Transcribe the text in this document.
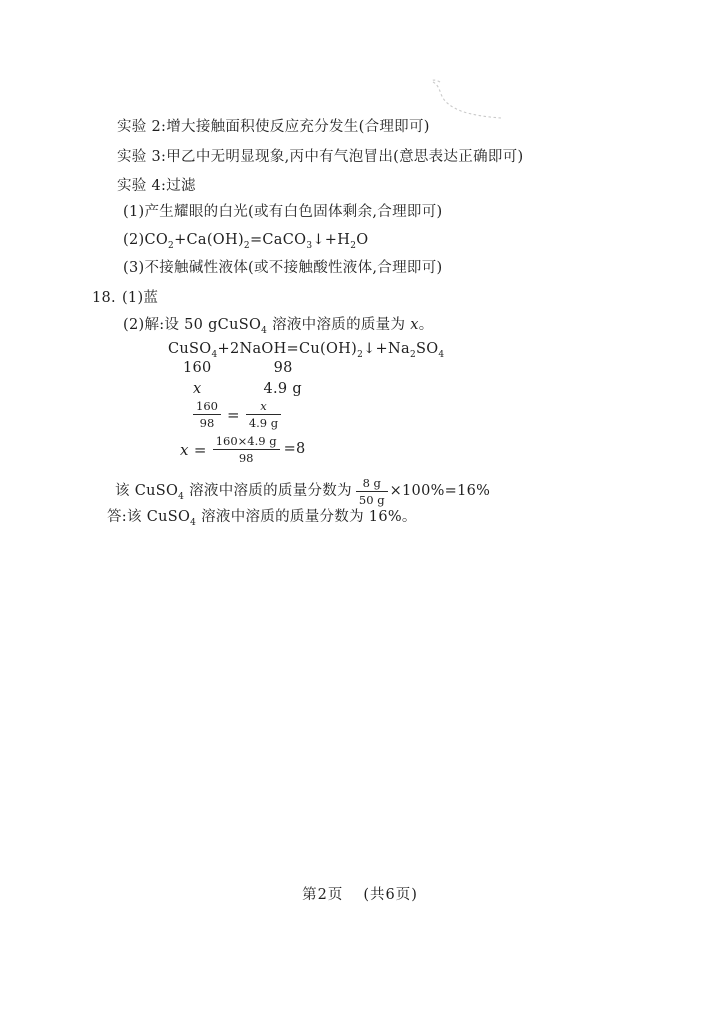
实验 2:增大接触面积使反应充分发生(合理即可)
实验 3:甲乙中无明显现象,丙中有气泡冒出(意思表达正确即可)
实验 4:过滤
(1)产生耀眼的白光(或有白色固体剩余,合理即可)
$(2)CO_2+Ca(OH)_2=CaCO_3↓+H_2O$
(3)不接触碱性液体(或不接触酸性液体,合理即可)
18. (1)蓝
(2)解:设 50 gCuSO$_4$ 溶液中溶质的质量为 x。
$CuSO_4+2NaOH=Cu(OH)_2↓+Na_2SO_4$
160	98
x	4.9 g
$\frac{160}{98} = \frac{x}{4.9 g}$
$x = \frac{160\times 4.9 g}{98} =8$
该 CuSO$_4$ 溶液中溶质的质量分数为 $\frac{8 g}{50 g} \times 100\%=16\%$
答:该 CuSO$_4$ 溶液中溶质的质量分数为 16%。
第2页 (共6页)
